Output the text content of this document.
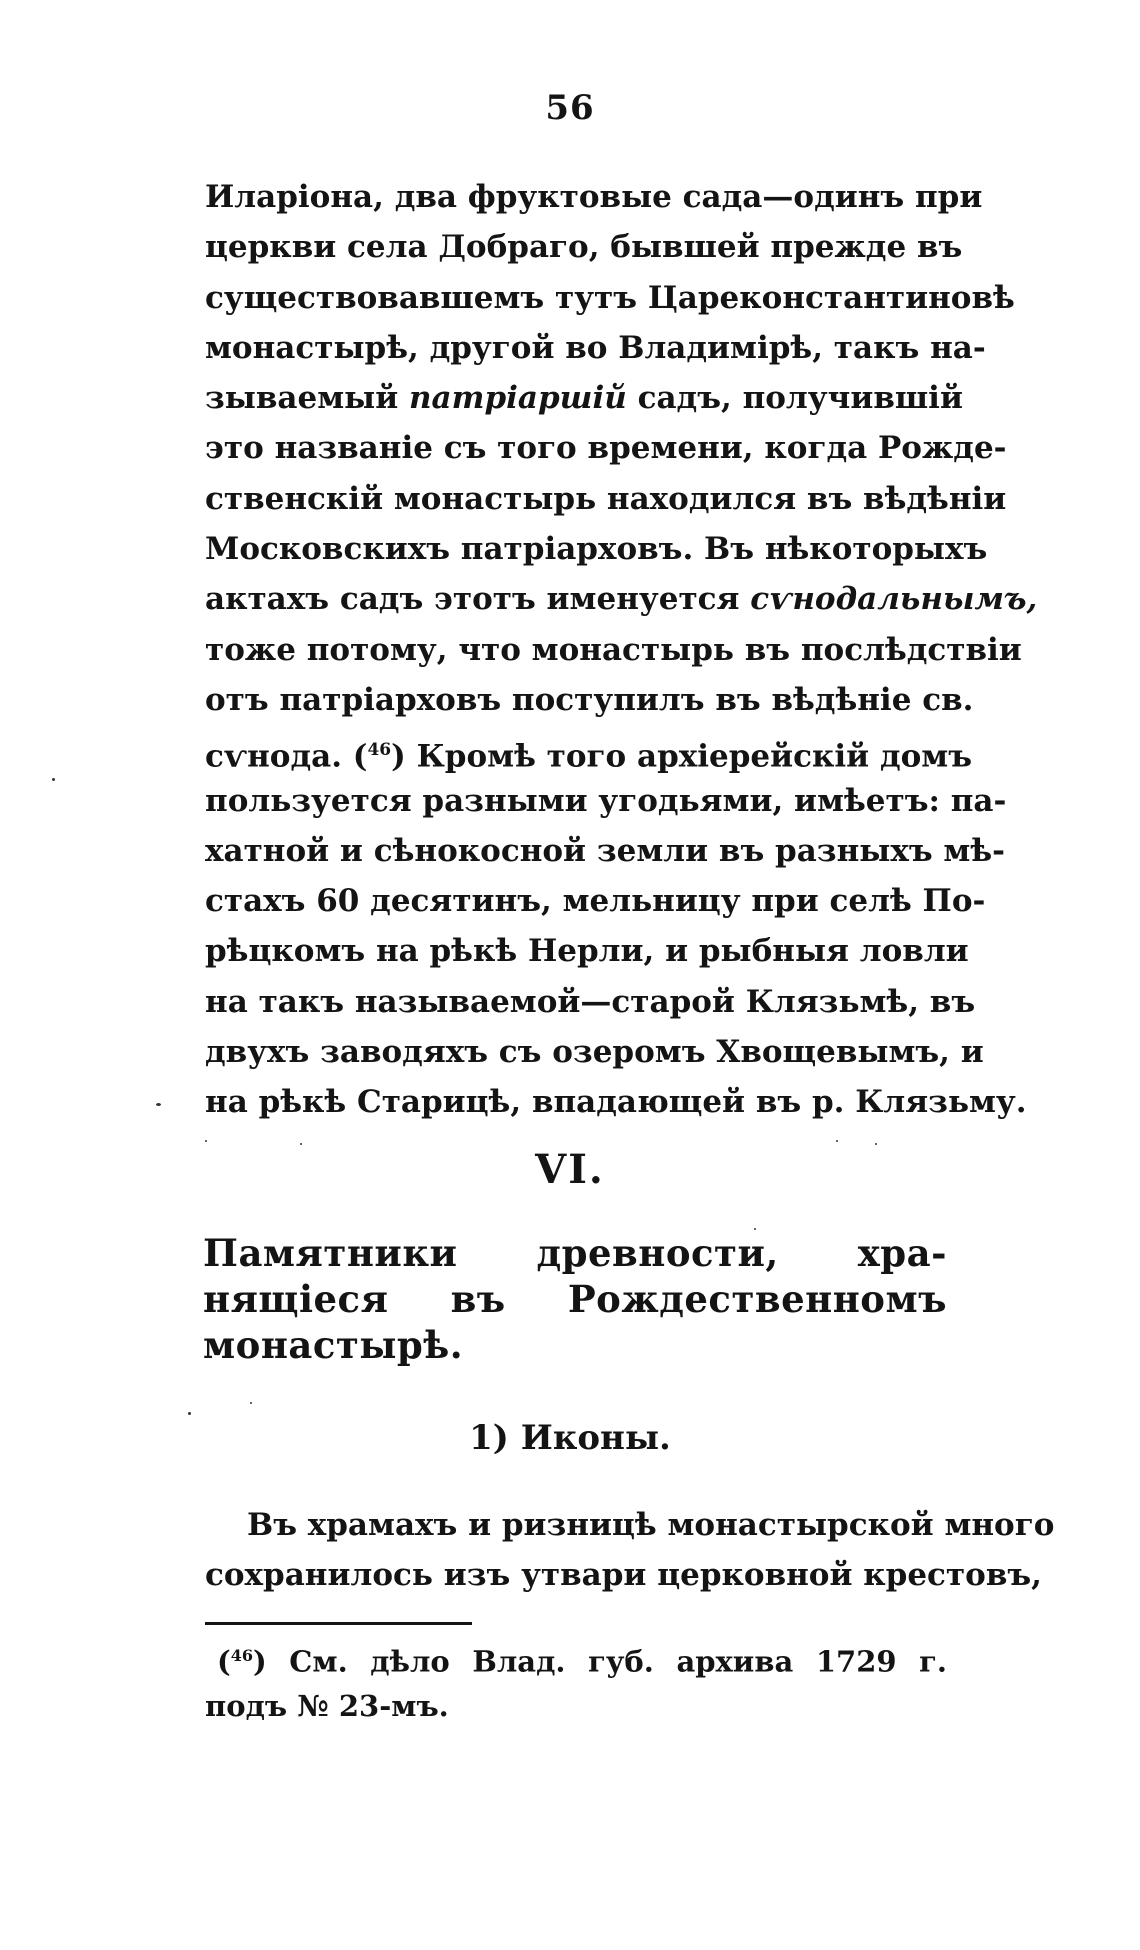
56
Иларіона, два фруктовые сада—одинъ при
церкви села Добраго, бывшей прежде въ
существовавшемъ тутъ Цареконстантиновѣ
монастырѣ, другой во Владимірѣ, такъ на-
зываемый патріаршій садъ, получившій
это названіе съ того времени, когда Рожде-
ственскій монастырь находился въ вѣдѣніи
Московскихъ патріарховъ. Въ нѣкоторыхъ
актахъ садъ этотъ именуется сѵнодальнымъ,
тоже потому, что монастырь въ послѣдствіи
отъ патріарховъ поступилъ въ вѣдѣніе св.
сѵнода. ($^{46}$) Кромѣ того архіерейскій домъ
пользуется разными угодьями, имѣетъ: па-
хатной и сѣнокосной земли въ разныхъ мѣ-
стахъ 60 десятинъ, мельницу при селѣ По-
рѣцкомъ на рѣкѣ Нерли, и рыбныя ловли
на такъ называемой—старой Клязьмѣ, въ
двухъ заводяхъ съ озеромъ Хвощевымъ, и
на рѣкѣ Старицѣ, впадающей въ р. Клязьму.
VI.
Памятники древности, хра-
нящіеся въ Рождественномъ
монастырѣ.
1) Иконы.
Въ храмахъ и ризницѣ монастырской много
сохранилось изъ утвари церковной крестовъ,
($^{46}$) См. дѣло Влад. губ. архива 1729 г.
подъ № 23-мъ.
